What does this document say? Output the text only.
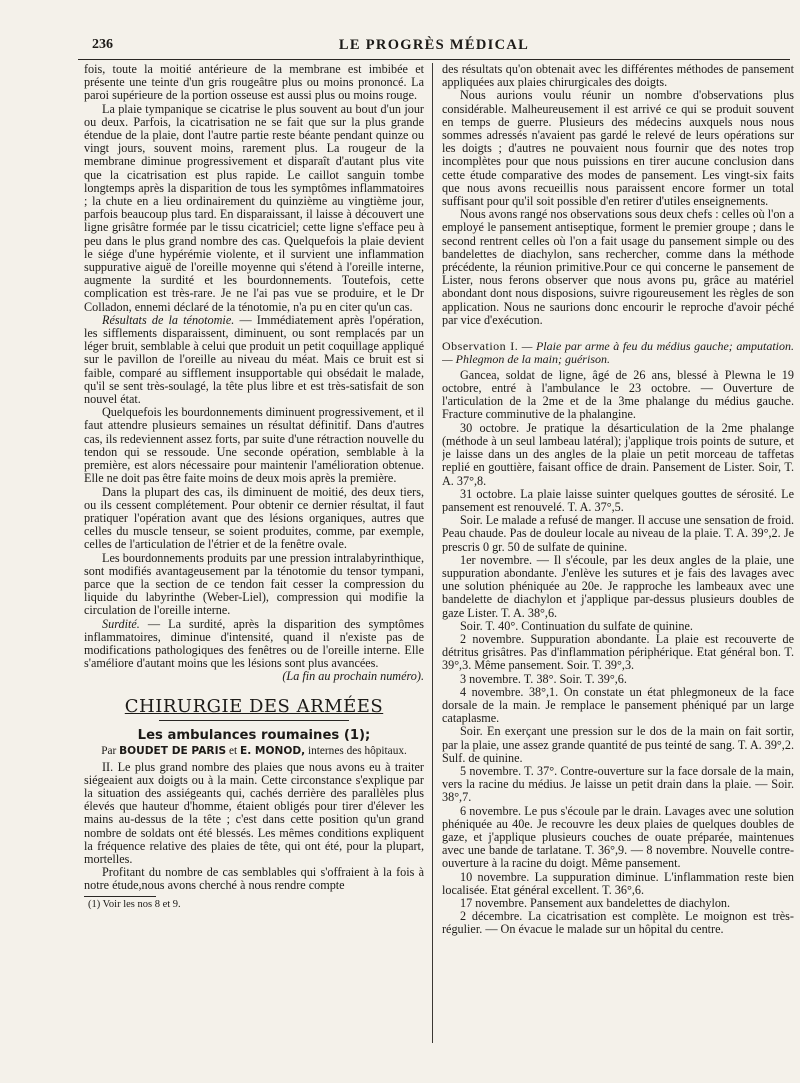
236	LE PROGRÈS MÉDICAL

fois, toute la moitié antérieure de la membrane est imbibée et présente une teinte d'un gris rougeâtre plus ou moins prononcé. La paroi supérieure de la portion osseuse est aussi plus ou moins rouge.

La plaie tympanique se cicatrise le plus souvent au bout d'un jour ou deux. Parfois, la cicatrisation ne se fait que sur la plus grande étendue de la plaie, dont l'autre partie reste béante pendant quinze ou vingt jours, souvent moins, rarement plus. La rougeur de la membrane diminue progressivement et disparaît d'autant plus vite que la cicatrisation est plus rapide. Le caillot sanguin tombe longtemps après la disparition de tous les symptômes inflammatoires ; la chute en a lieu ordinairement du quinzième au vingtième jour, parfois beaucoup plus tard. En disparaissant, il laisse à découvert une ligne grisâtre formée par le tissu cicatriciel; cette ligne s'efface peu à peu dans le plus grand nombre des cas. Quelquefois la plaie devient le siége d'une hypérémie violente, et il survient une inflammation suppurative aiguë de l'oreille moyenne qui s'étend à l'oreille interne, augmente la surdité et les bourdonnements. Toutefois, cette complication est très-rare. Je ne l'ai pas vue se produire, et le Dr Colladon, ennemi déclaré de la ténotomie, n'a pu en citer qu'un cas.

Résultats de la ténotomie. — Immédiatement après l'opération, les sifflements disparaissent, diminuent, ou sont remplacés par un léger bruit, semblable à celui que produit un petit coquillage appliqué sur le pavillon de l'oreille au niveau du méat. Mais ce bruit est si faible, comparé au sifflement insupportable qui obsédait le malade, qu'il se sent très-soulagé, la tête plus libre et est très-satisfait de son nouvel état.

Quelquefois les bourdonnements diminuent progressivement, et il faut attendre plusieurs semaines un résultat définitif. Dans d'autres cas, ils redeviennent assez forts, par suite d'une rétraction nouvelle du tendon qui se ressoude. Une seconde opération, semblable à la première, est alors nécessaire pour maintenir l'amélioration obtenue. Elle ne doit pas être faite moins de deux mois après la première.

Dans la plupart des cas, ils diminuent de moitié, des deux tiers, ou ils cessent complétement. Pour obtenir ce dernier résultat, il faut pratiquer l'opération avant que des lésions organiques, autres que celles du muscle tenseur, se soient produites, comme, par exemple, celles de l'articulation de l'étrier et de la fenêtre ovale.

Les bourdonnements produits par une pression intralabyrinthique, sont modifiés avantageusement par la ténotomie du tensor tympani, parce que la section de ce tendon fait cesser la compression du liquide du labyrinthe (Weber-Liel), compression qui modifie la circulation de l'oreille interne.

Surdité. — La surdité, après la disparition des symptômes inflammatoires, diminue d'intensité, quand il n'existe pas de modifications pathologiques des fenêtres ou de l'oreille interne. Elle s'améliore d'autant moins que les lésions sont plus avancées.

(La fin au prochain numéro).

CHIRURGIE DES ARMÉES
Les ambulances roumaines (1);
Par BOUDET DE PARIS et E. MONOD, internes des hôpitaux.

II. Le plus grand nombre des plaies que nous avons eu à traiter siégeaient aux doigts ou à la main. Cette circonstance s'explique par la situation des assiégeants qui, cachés derrière des parallèles plus élevés que hauteur d'homme, étaient obligés pour tirer d'élever les mains au-dessus de la tête ; c'est dans cette position qu'un grand nombre de soldats ont été blessés. Les mêmes conditions expliquent la fréquence relative des plaies de tête, qui ont été, pour la plupart, mortelles.

Profitant du nombre de cas semblables qui s'offraient à la fois à notre étude,nous avons cherché à nous rendre compte

(1) Voir les nos 8 et 9.

des résultats qu'on obtenait avec les différentes méthodes de pansement appliquées aux plaies chirurgicales des doigts.

Nous aurions voulu réunir un nombre d'observations plus considérable. Malheureusement il est arrivé ce qui se produit souvent en temps de guerre. Plusieurs des médecins auxquels nous nous sommes adressés n'avaient pas gardé le relevé de leurs opérations sur les doigts ; d'autres ne pouvaient nous fournir que des notes trop incomplètes pour que nous puissions en tirer aucune conclusion dans cette étude comparative des modes de pansement. Les vingt-six faits que nous avons recueillis nous paraissent encore former un total suffisant pour qu'il soit possible d'en retirer d'utiles enseignements.

Nous avons rangé nos observations sous deux chefs : celles où l'on a employé le pansement antiseptique, forment le premier groupe ; dans le second rentrent celles où l'on a fait usage du pansement simple ou des bandelettes de diachylon, sans rechercher, comme dans la méthode précédente, la réunion primitive.Pour ce qui concerne le pansement de Lister, nous ferons observer que nous avons pu, grâce au matériel abondant dont nous disposions, suivre rigoureusement les règles de son application. Nous ne saurions donc encourir le reproche d'avoir péché par vice d'exécution.

Observation I. — Plaie par arme à feu du médius gauche; amputation. — Phlegmon de la main; guérison.

Gancea, soldat de ligne, âgé de 26 ans, blessé à Plewna le 19 octobre, entré à l'ambulance le 23 octobre. — Ouverture de l'articulation de la 2me et de la 3me phalange du médius gauche. Fracture comminutive de la phalangine.

30 octobre. Je pratique la désarticulation de la 2me phalange (méthode à un seul lambeau latéral); j'applique trois points de suture, et je laisse dans un des angles de la plaie un petit morceau de taffetas replié en gouttière, faisant office de drain. Pansement de Lister. Soir, T. A. 37°,8.

31 octobre. La plaie laisse suinter quelques gouttes de sérosité. Le pansement est renouvelé. T. A. 37°,5.

Soir. Le malade a refusé de manger. Il accuse une sensation de froid. Peau chaude. Pas de douleur locale au niveau de la plaie. T. A. 39°,2. Je prescris 0 gr. 50 de sulfate de quinine.

1er novembre. — Il s'écoule, par les deux angles de la plaie, une suppuration abondante. J'enlève les sutures et je fais des lavages avec une solution phéniquée au 20e. Je rapproche les lambeaux avec une bandelette de diachylon et j'applique par-dessus plusieurs doubles de gaze Lister. T. A. 38°,6.

Soir. T. 40°. Continuation du sulfate de quinine.

2 novembre. Suppuration abondante. La plaie est recouverte de détritus grisâtres. Pas d'inflammation périphérique. Etat général bon. T. 39°,3. Même pansement. Soir. T. 39°,3.

3 novembre. T. 38°. Soir. T. 39°,6.

4 novembre. 38°,1. On constate un état phlegmoneux de la face dorsale de la main. Je remplace le pansement phéniqué par un large cataplasme.

Soir. En exerçant une pression sur le dos de la main on fait sortir, par la plaie, une assez grande quantité de pus teinté de sang. T. A. 39°,2. Sulf. de quinine.

5 novembre. T. 37°. Contre-ouverture sur la face dorsale de la main, vers la racine du médius. Je laisse un petit drain dans la plaie. — Soir. 38°,7.

6 novembre. Le pus s'écoule par le drain. Lavages avec une solution phéniquée au 40e. Je recouvre les deux plaies de quelques doubles de gaze, et j'applique plusieurs couches de ouate préparée, maintenues avec une bande de tarlatane. T. 36°,9. — 8 novembre. Nouvelle contre-ouverture à la racine du doigt. Même pansement.

10 novembre. La suppuration diminue. L'inflammation reste bien localisée. Etat général excellent. T. 36°,6.

17 novembre. Pansement aux bandelettes de diachylon.

2 décembre. La cicatrisation est complète. Le moignon est très-régulier. — On évacue le malade sur un hôpital du centre.
